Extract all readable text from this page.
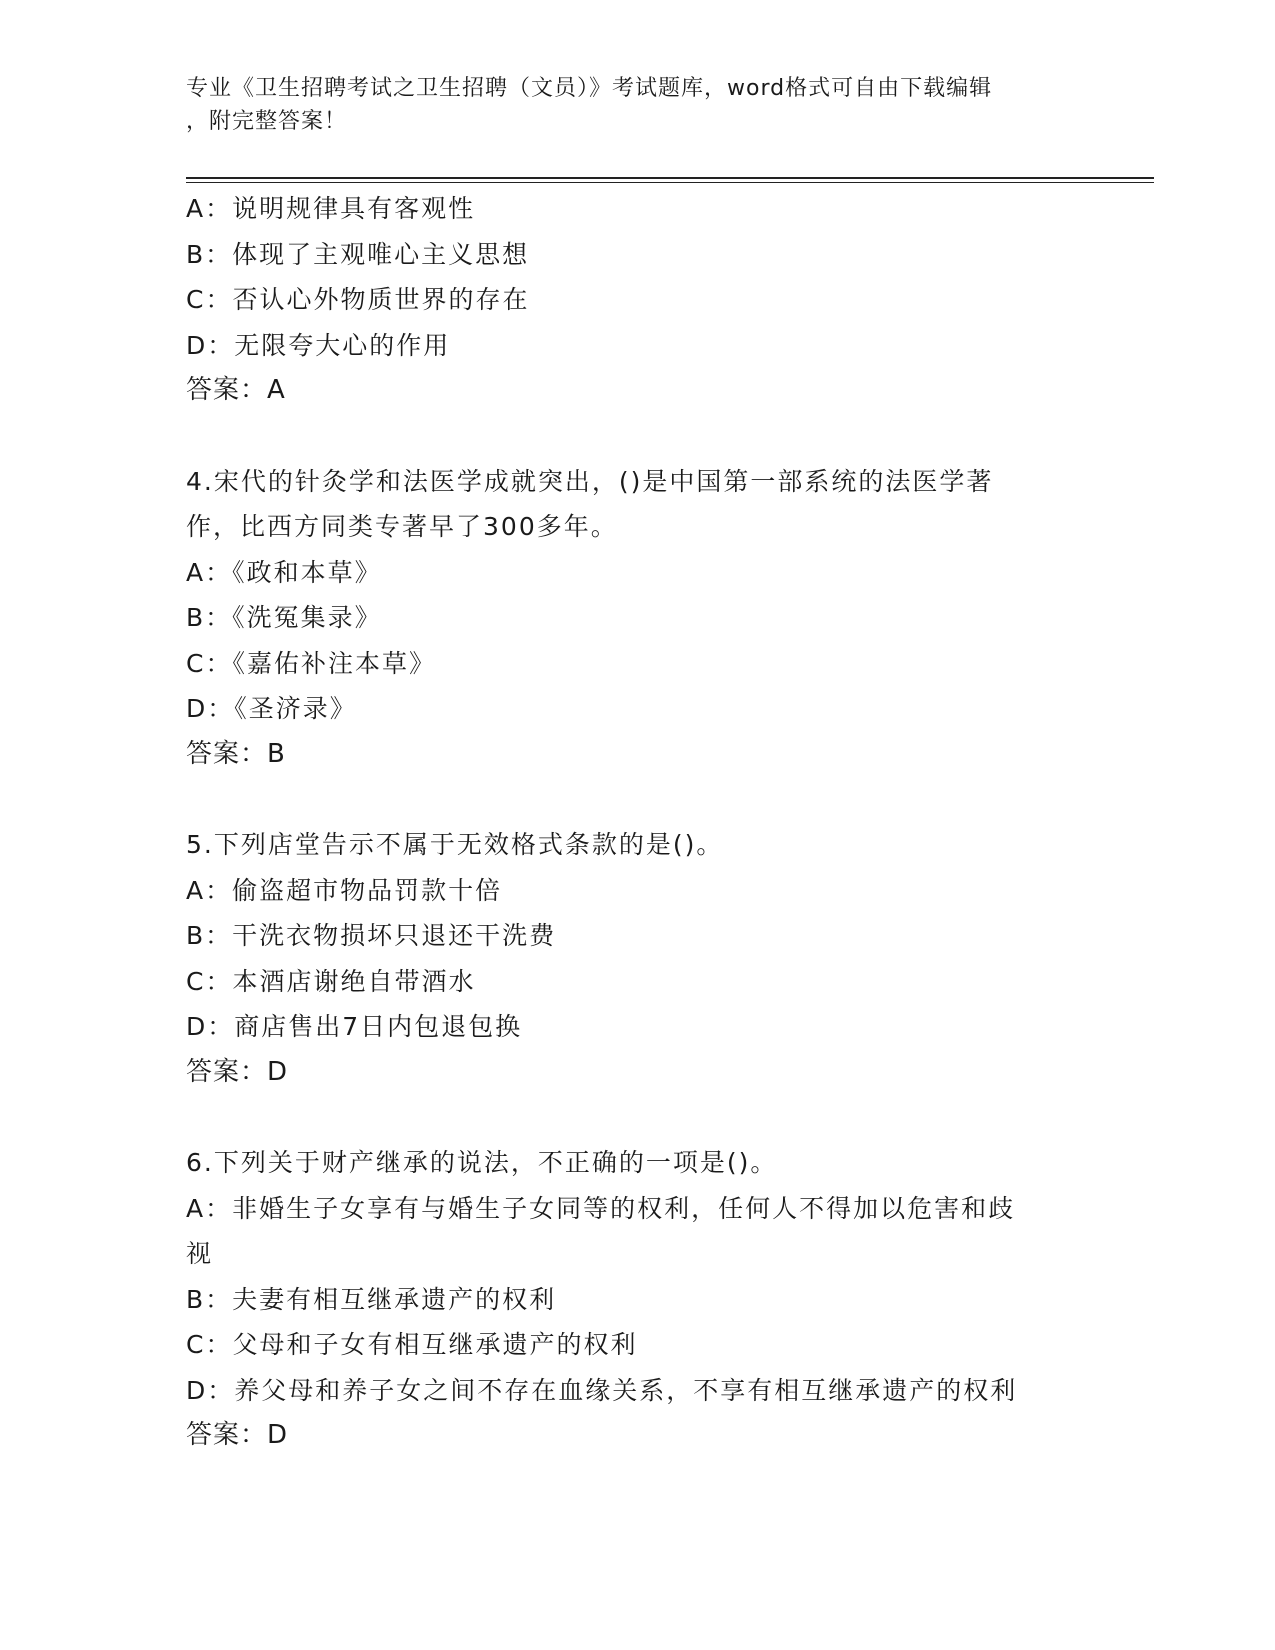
专业《卫生招聘考试之卫生招聘（文员）》考试题库，word格式可自由下载编辑
，附完整答案！
A：说明规律具有客观性
B：体现了主观唯心主义思想
C：否认心外物质世界的存在
D：无限夸大心的作用
答案：A
4.宋代的针灸学和法医学成就突出，()是中国第一部系统的法医学著
作，比西方同类专著早了300多年。
A：《政和本草》
B：《洗冤集录》
C：《嘉佑补注本草》
D：《圣济录》
答案：B
5.下列店堂告示不属于无效格式条款的是()。
A：偷盗超市物品罚款十倍
B：干洗衣物损坏只退还干洗费
C：本酒店谢绝自带酒水
D：商店售出7日内包退包换
答案：D
6.下列关于财产继承的说法，不正确的一项是()。
A：非婚生子女享有与婚生子女同等的权利，任何人不得加以危害和歧
视
B：夫妻有相互继承遗产的权利
C：父母和子女有相互继承遗产的权利
D：养父母和养子女之间不存在血缘关系，不享有相互继承遗产的权利
答案：D
